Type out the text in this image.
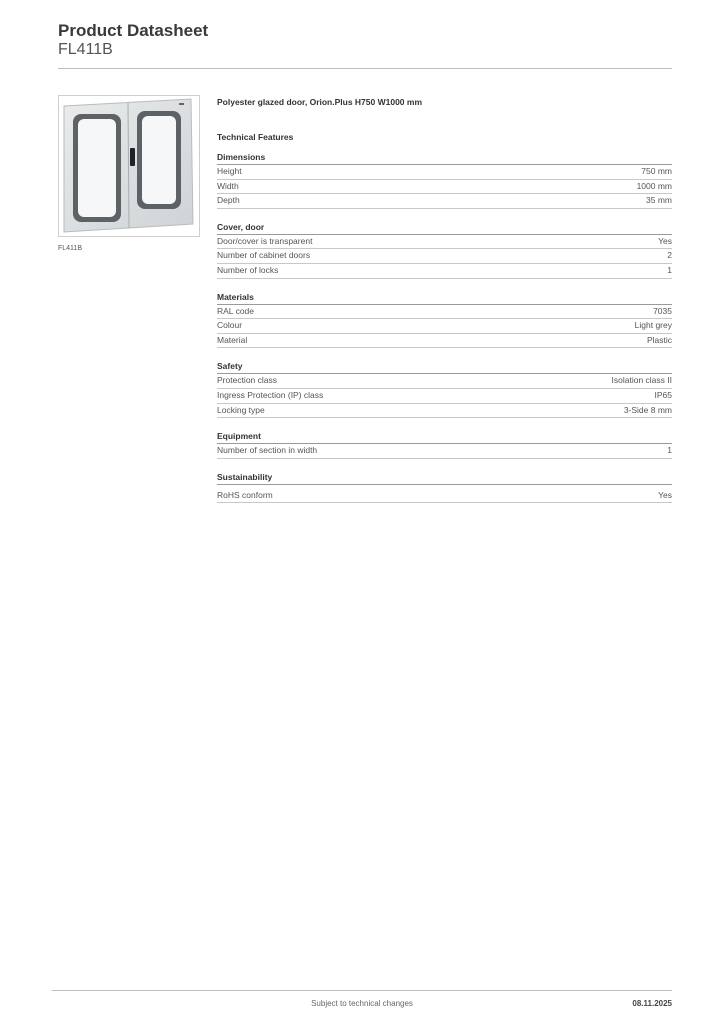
Product Datasheet
FL411B
FL411B
Polyester glazed door, Orion.Plus H750 W1000 mm
Technical Features
Dimensions
Height	750 mm
Width	1000 mm
Depth	35 mm
Cover, door
Door/cover is transparent	Yes
Number of cabinet doors	2
Number of locks	1
Materials
RAL code	7035
Colour	Light grey
Material	Plastic
Safety
Protection class	Isolation class II
Ingress Protection (IP) class	IP65
Locking type	3-Side 8 mm
Equipment
Number of section in width	1
Sustainability
RoHS conform	Yes
Subject to technical changes	08.11.2025
